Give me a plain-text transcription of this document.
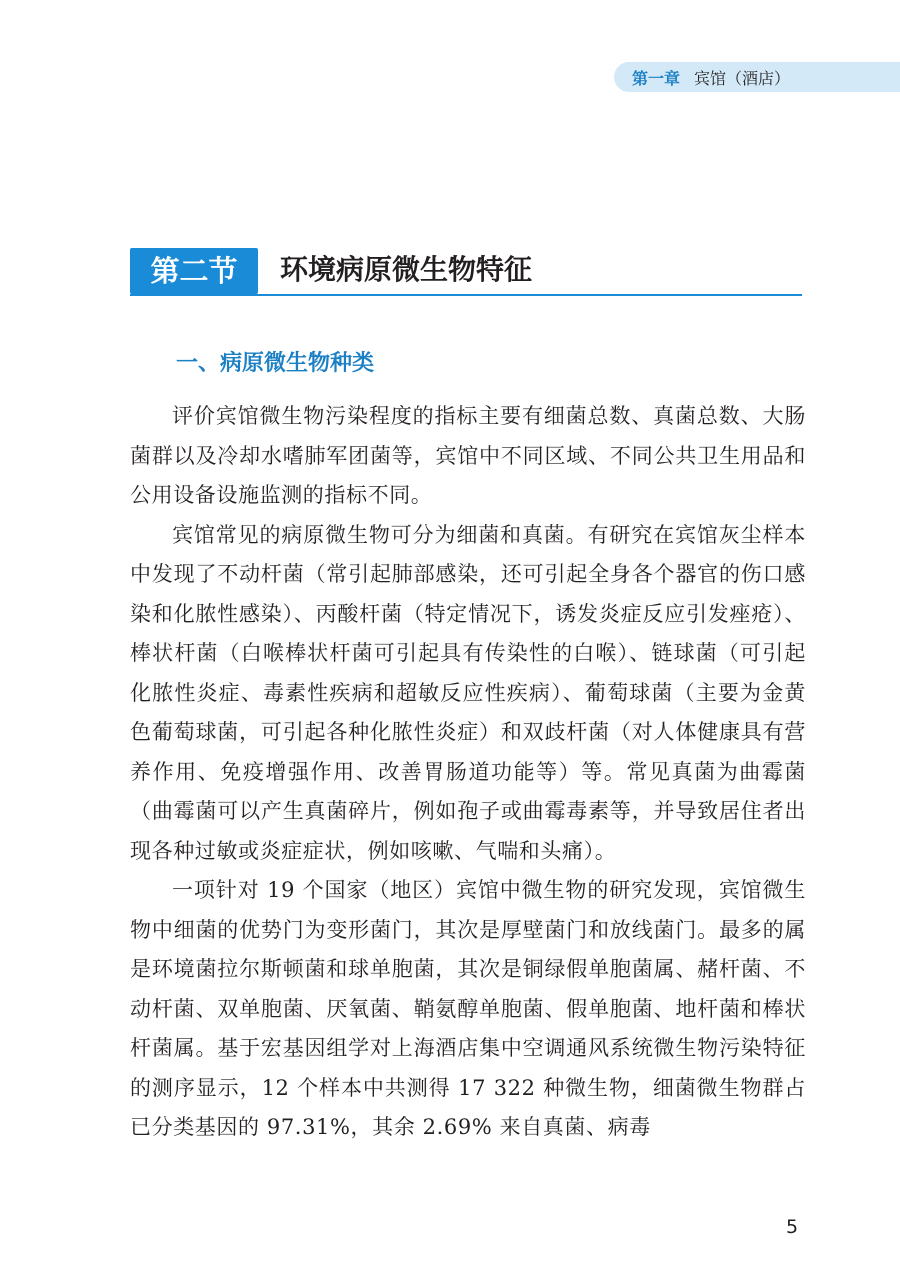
第一章 宾馆（酒店）
第二节	环境病原微生物特征
一、病原微生物种类

评价宾馆微生物污染程度的指标主要有细菌总数、真菌总数、大肠菌群以及冷却水嗜肺军团菌等，宾馆中不同区域、不同公共卫生用品和公用设备设施监测的指标不同。

宾馆常见的病原微生物可分为细菌和真菌。有研究在宾馆灰尘样本中发现了不动杆菌（常引起肺部感染，还可引起全身各个器官的伤口感染和化脓性感染）、丙酸杆菌（特定情况下，诱发炎症反应引发痤疮）、棒状杆菌（白喉棒状杆菌可引起具有传染性的白喉）、链球菌（可引起化脓性炎症、毒素性疾病和超敏反应性疾病）、葡萄球菌（主要为金黄色葡萄球菌，可引起各种化脓性炎症）和双歧杆菌（对人体健康具有营养作用、免疫增强作用、改善胃肠道功能等）等。常见真菌为曲霉菌（曲霉菌可以产生真菌碎片，例如孢子或曲霉毒素等，并导致居住者出现各种过敏或炎症症状，例如咳嗽、气喘和头痛）。

一项针对 19 个国家（地区）宾馆中微生物的研究发现，宾馆微生物中细菌的优势门为变形菌门，其次是厚壁菌门和放线菌门。最多的属是环境菌拉尔斯顿菌和球单胞菌，其次是铜绿假单胞菌属、赭杆菌、不动杆菌、双单胞菌、厌氧菌、鞘氨醇单胞菌、假单胞菌、地杆菌和棒状杆菌属。基于宏基因组学对上海酒店集中空调通风系统微生物污染特征的测序显示，12 个样本中共测得 17 322 种微生物，细菌微生物群占已分类基因的 97.31%，其余 2.69% 来自真菌、病毒

5
